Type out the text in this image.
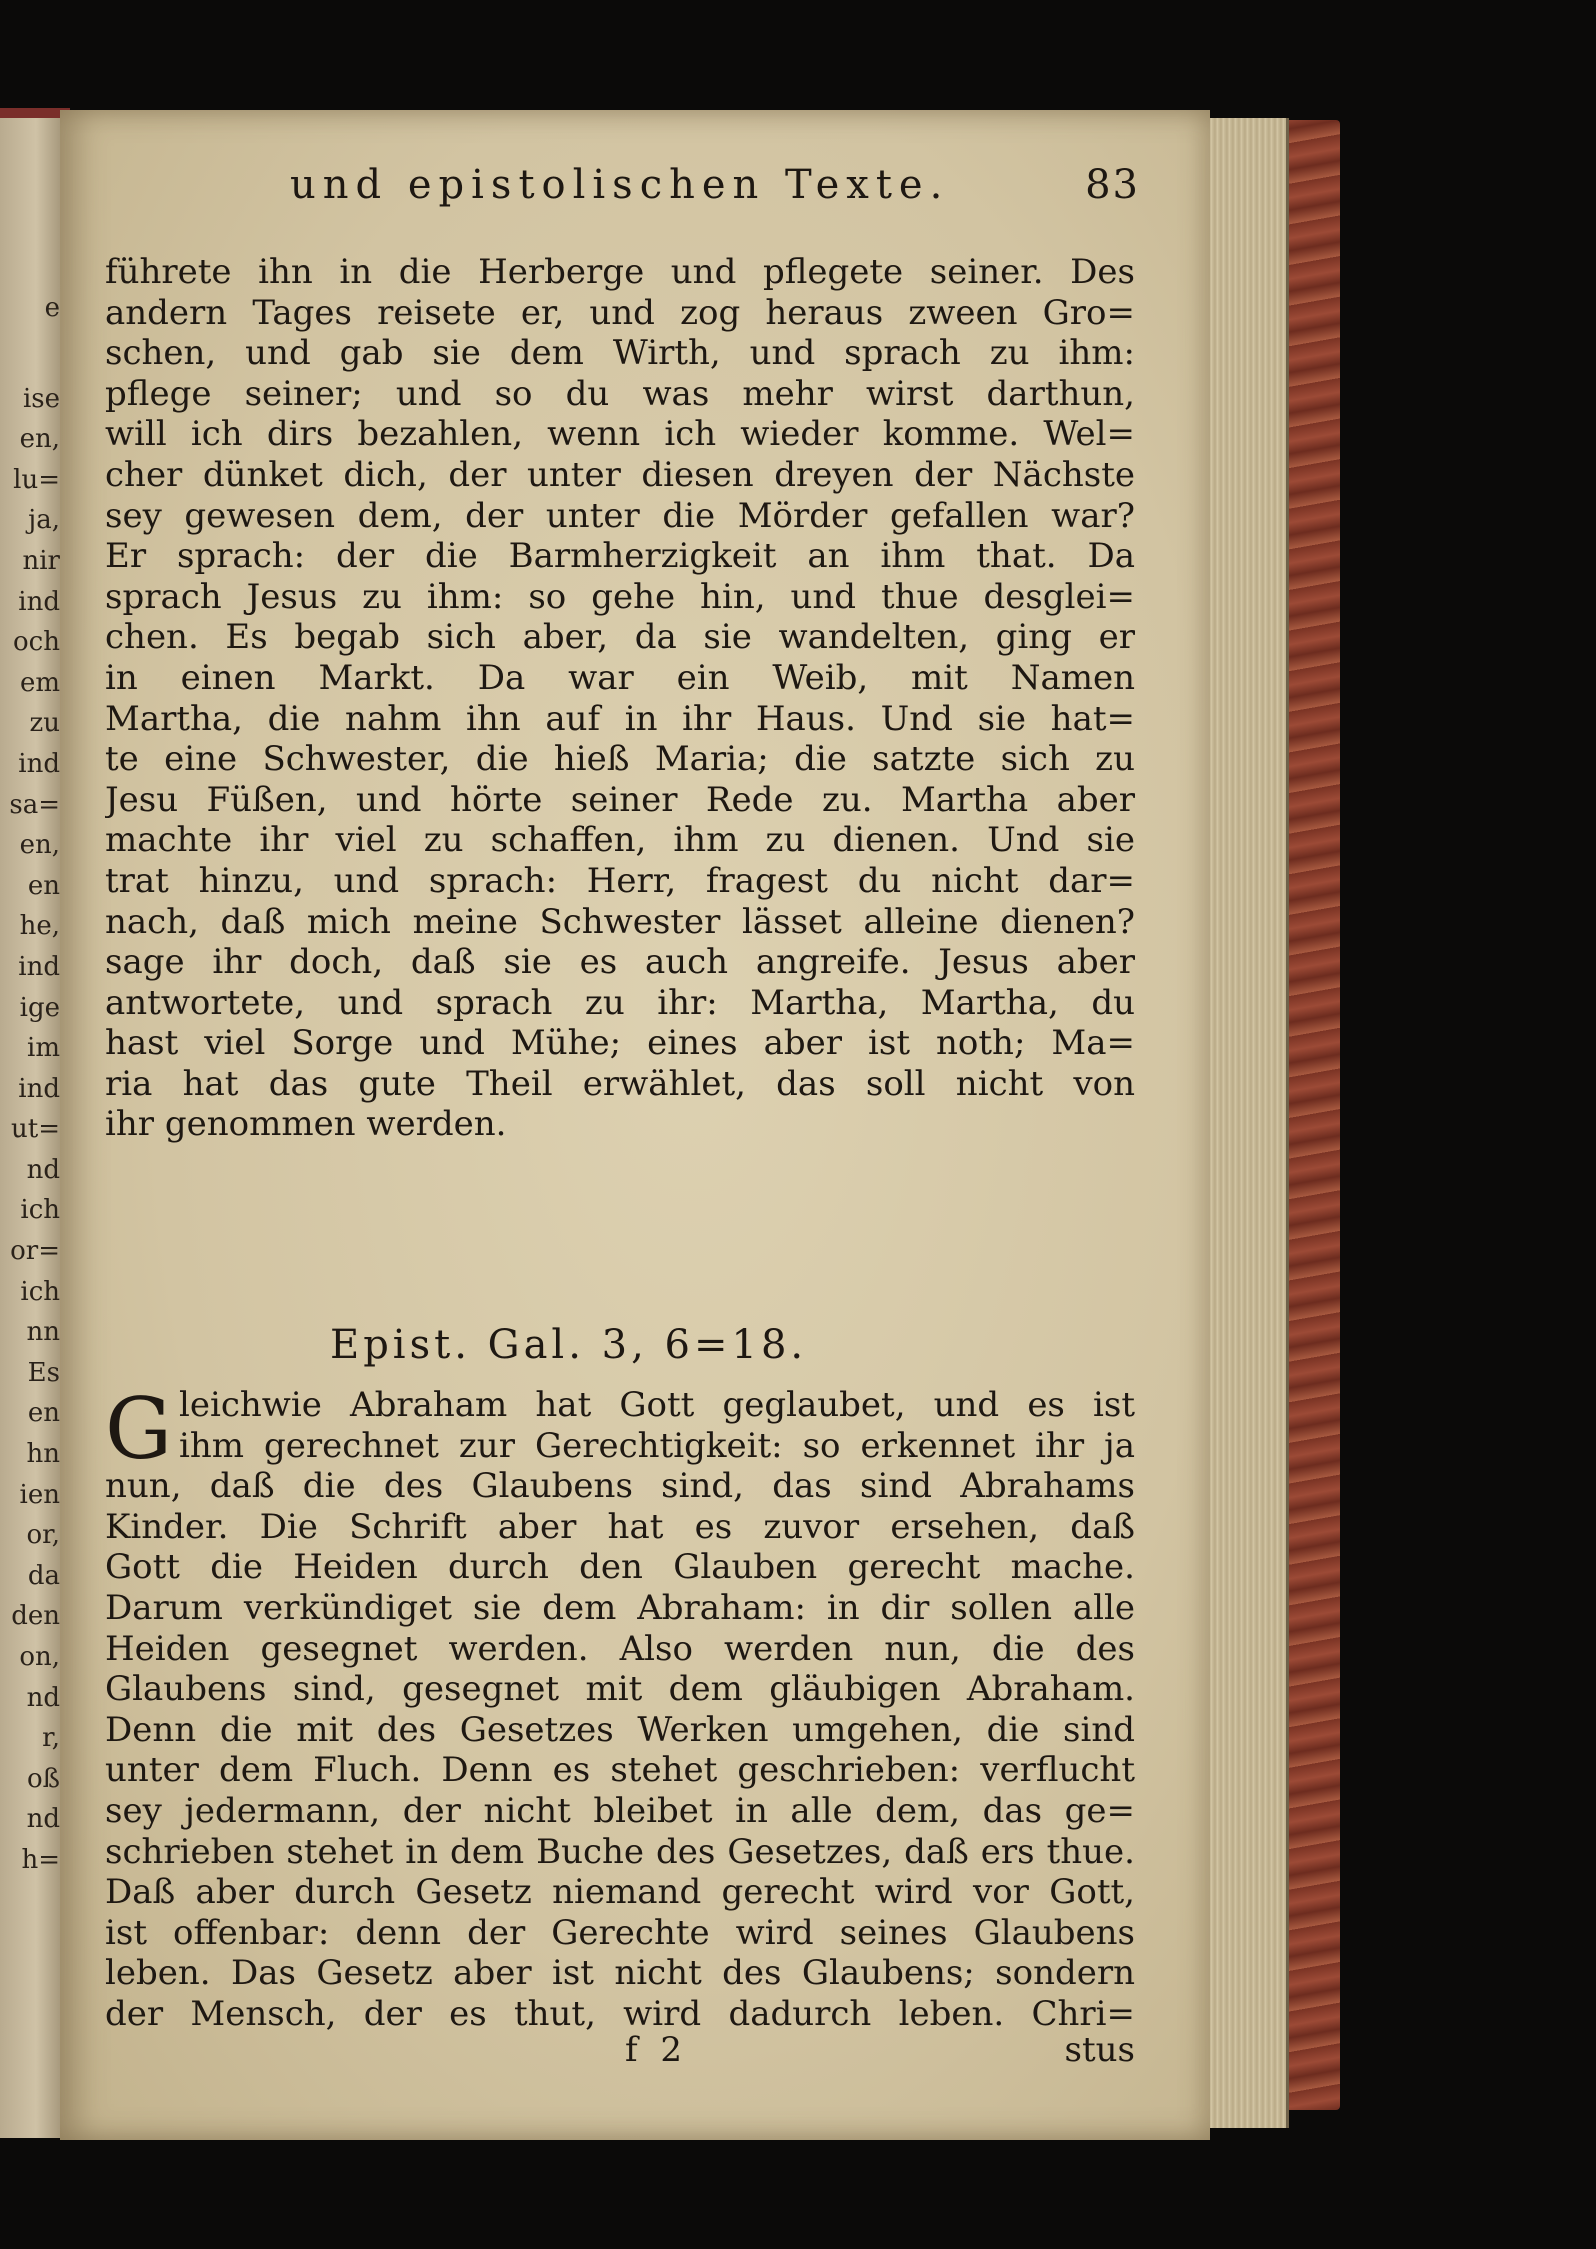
e
ise
en,
lu=
ja,
nir
ind
och
em
zu
ind
sa=
en,
en
he,
ind
ige
im
ind
ut=
nd
ich
or=
ich
nn
Es
en
hn
ien
or,
da
den
on,
nd
r,
oß
nd
h=
und epistolischen Texte.	83
führete ihn in die Herberge und pflegete seiner. Des
andern Tages reisete er, und zog heraus zween Gro=
schen, und gab sie dem Wirth, und sprach zu ihm:
pflege seiner; und so du was mehr wirst darthun,
will ich dirs bezahlen, wenn ich wieder komme. Wel=
cher dünket dich, der unter diesen dreyen der Nächste
sey gewesen dem, der unter die Mörder gefallen war?
Er sprach: der die Barmherzigkeit an ihm that. Da
sprach Jesus zu ihm: so gehe hin, und thue desglei=
chen. Es begab sich aber, da sie wandelten, ging er
in einen Markt. Da war ein Weib, mit Namen
Martha, die nahm ihn auf in ihr Haus. Und sie hat=
te eine Schwester, die hieß Maria; die satzte sich zu
Jesu Füßen, und hörte seiner Rede zu. Martha aber
machte ihr viel zu schaffen, ihm zu dienen. Und sie
trat hinzu, und sprach: Herr, fragest du nicht dar=
nach, daß mich meine Schwester lässet alleine dienen?
sage ihr doch, daß sie es auch angreife. Jesus aber
antwortete, und sprach zu ihr: Martha, Martha, du
hast viel Sorge und Mühe; eines aber ist noth; Ma=
ria hat das gute Theil erwählet, das soll nicht von
ihr genommen werden.
Epist. Gal. 3, 6=18.
G leichwie Abraham hat Gott geglaubet, und es ist
ihm gerechnet zur Gerechtigkeit: so erkennet ihr ja
nun, daß die des Glaubens sind, das sind Abrahams
Kinder. Die Schrift aber hat es zuvor ersehen, daß
Gott die Heiden durch den Glauben gerecht mache.
Darum verkündiget sie dem Abraham: in dir sollen alle
Heiden gesegnet werden. Also werden nun, die des
Glaubens sind, gesegnet mit dem gläubigen Abraham.
Denn die mit des Gesetzes Werken umgehen, die sind
unter dem Fluch. Denn es stehet geschrieben: verflucht
sey jedermann, der nicht bleibet in alle dem, das ge=
schrieben stehet in dem Buche des Gesetzes, daß ers thue.
Daß aber durch Gesetz niemand gerecht wird vor Gott,
ist offenbar: denn der Gerechte wird seines Glaubens
leben. Das Gesetz aber ist nicht des Glaubens; sondern
der Mensch, der es thut, wird dadurch leben. Chri=
f 2	stus
